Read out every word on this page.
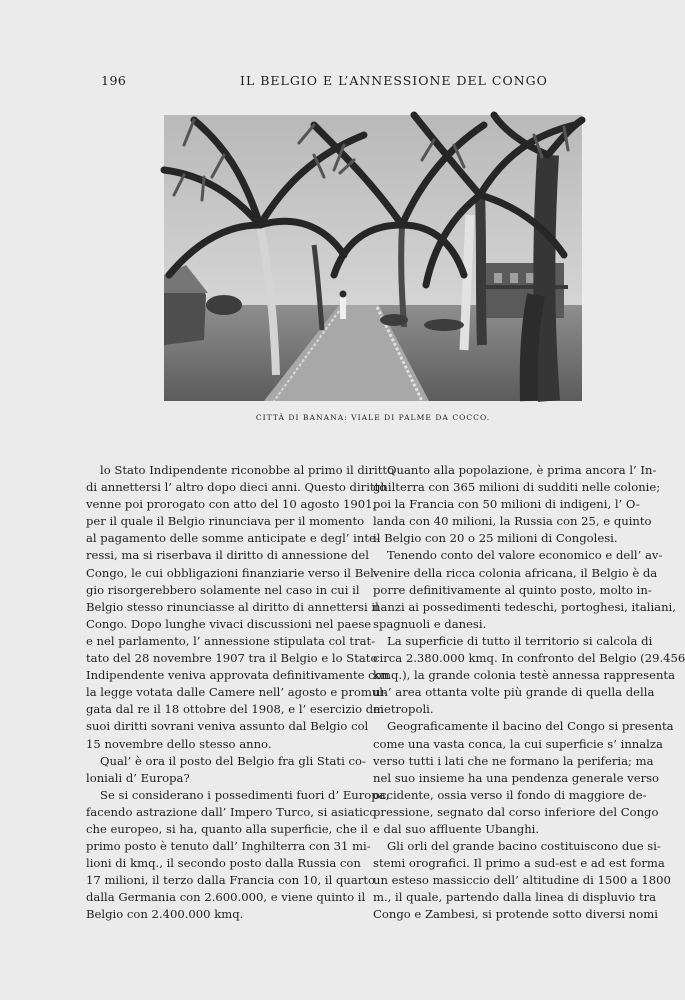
196	IL BELGIO E L’ANNESSIONE DEL CONGO
CITTÀ DI BANANA: VIALE DI PALME DA COCCO.
lo Stato Indipendente riconobbe al primo il diritto
di annettersi l’ altro dopo dieci anni. Questo diritto
venne poi prorogato con atto del 10 agosto 1901,
per il quale il Belgio rinunciava per il momento
al pagamento delle somme anticipate e degl’ inte-
ressi, ma si riserbava il diritto di annessione del
Congo, le cui obbligazioni finanziarie verso il Bel-
gio risorgerebbero solamente nel caso in cui il
Belgio stesso rinunciasse al diritto di annettersi il
Congo. Dopo lunghe vivaci discussioni nel paese
e nel parlamento, l’ annessione stipulata col trat-
tato del 28 novembre 1907 tra il Belgio e lo Stato
Indipendente veniva approvata definitivamente con
la legge votata dalle Camere nell’ agosto e promul-
gata dal re il 18 ottobre del 1908, e l’ esercizio dei
suoi diritti sovrani veniva assunto dal Belgio col
15 novembre dello stesso anno.
Qual’ è ora il posto del Belgio fra gli Stati co-
loniali d’ Europa?
Se si considerano i possedimenti fuori d’ Europa,
facendo astrazione dall’ Impero Turco, si asiatico
che europeo, si ha, quanto alla superficie, che il
primo posto è tenuto dall’ Inghilterra con 31 mi-
lioni di kmq., il secondo posto dalla Russia con
17 milioni, il terzo dalla Francia con 10, il quarto
dalla Germania con 2.600.000, e viene quinto il
Belgio con 2.400.000 kmq.
Quanto alla popolazione, è prima ancora l’ In-
ghilterra con 365 milioni di sudditi nelle colonie;
poi la Francia con 50 milioni di indigeni, l’ O-
landa con 40 milioni, la Russia con 25, e quinto
il Belgio con 20 o 25 milioni di Congolesi.
Tenendo conto del valore economico e dell’ av-
venire della ricca colonia africana, il Belgio è da
porre definitivamente al quinto posto, molto in-
nanzi ai possedimenti tedeschi, portoghesi, italiani,
spagnuoli e danesi.
La superficie di tutto il territorio si calcola di
circa 2.380.000 kmq. In confronto del Belgio (29.456
kmq.), la grande colonia testè annessa rappresenta
un’ area ottanta volte più grande di quella della
metropoli.
Geograficamente il bacino del Congo si presenta
come una vasta conca, la cui superficie s’ innalza
verso tutti i lati che ne formano la periferia; ma
nel suo insieme ha una pendenza generale verso
occidente, ossia verso il fondo di maggiore de-
pressione, segnato dal corso inferiore del Congo
e dal suo affluente Ubanghi.
Gli orli del grande bacino costituiscono due si-
stemi orografici. Il primo a sud-est e ad est forma
un esteso massiccio dell’ altitudine di 1500 a 1800
m., il quale, partendo dalla linea di displuvio tra
Congo e Zambesi, si protende sotto diversi nomi
